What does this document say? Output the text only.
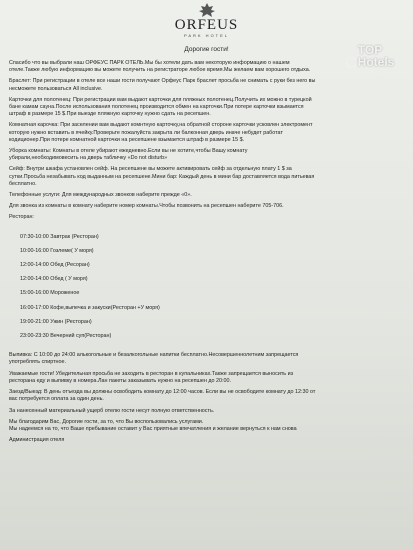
ORFEUS
PARK HOTEL
Дорогие гости!	TOP
Hotels

Спасибо что вы выбрали наш ОРФЕУС ПАРК ОТЕЛЬ.Мы бы хотели дать вам некоторую информацию о нашем

отеле.Также любую информацию вы можете получить на регистраторе любое время.Мы желаем вам хорошего отдыха.

Браслет: При регистрации в отеле все наши гости получают Орфеус Парк браслет просьба не снимать с руки без него вы

несможете пользоваться All inclusive.

Карточки для полотенец: При регистрации вам выдают карточки для пляжных полотенец.Получить их можно в турецкой

бане камам сауна.После использования полотенец производится обмен на карточки.При потере карточки взымается

штраф в размере 15 $.При выезде пляжную карточку нужно сдать на ресепшен.

Комнатная карочка: При заселении вам выдают комнтную карточку,на обратной стороне карточки усковлен электромент

которую нужно вставить в ячейку.Проверьте пожалуйста закрыта ли балконная дверь иначе небудет работат

кодиционер.При потере комнатной карточки на ресепшене взымается штраф в размере 15 $.

Уборка комнаты: Комнаты в отеле убирают ежедневно.Если вы не хотите,чтобы Вашу комнату

убирали,необходимовесить на дверь табличку «Do not disturb»

Сейф: Внутри шкафа установлен сейф. На ресепшене вы можете активировать сейф за отдельную плату 1 $ за

сутки.Просьба незабывать код выданным на ресепшене.Мини бар: Каждый день в мини бар доставляется вода питьевая

бесплатно.

Телефонные услуги: Для международных звонков наберите прежде «0».

Для звонка из комнаты в комнату наберите номер комнаты.Чтобы позвонить на ресепшен наберите 705-706.

Ресторан:

07:30-10:00 Завтрак (Ресторан)

10:00-16:00 Гозлеме( У моря)

12:00-14:00 Обед (Ресоран)

12:00-14:00 Обед ( У моря)

15:00-16:00 Мороженое

16:00-17:00 Кофе,выпечка и закуски(Ресторан +У моря)

19:00-21:00 Ужин (Ресторан)

23:00-23:30 Вечерний суп(Ресторан)

Выпивка: С 10:00 до 24:00 алькогольные и безалкогольные напитки бесплатно.Несовершеннолетним запрещается

употреблять спиртное.

Уважаемые гости! Убедительная просьба не заходить в ресторан в купальниках.Также запрещается выносить из

ресторана еду и выпивку в номера.Лан пакеты заказывать нужно на ресепшен до 20:00.

Заезд/Выезд: В день отъезда вы должны освободить комнату до 12:00 часов. Если вы не освободите комнату до 12:30 от

вас потребуется оплата за один день.

За нанесенный материальный ущерб отелю гости несут полную ответственность.

Мы благодарим Вас, Дорогие гости, за то, что Вы воспользовались услугами.

Мы надеемся на то, что Ваше пребывание оставит у Вас приятные впечатления и желание вернуться к нам снова

Администрация отеля
